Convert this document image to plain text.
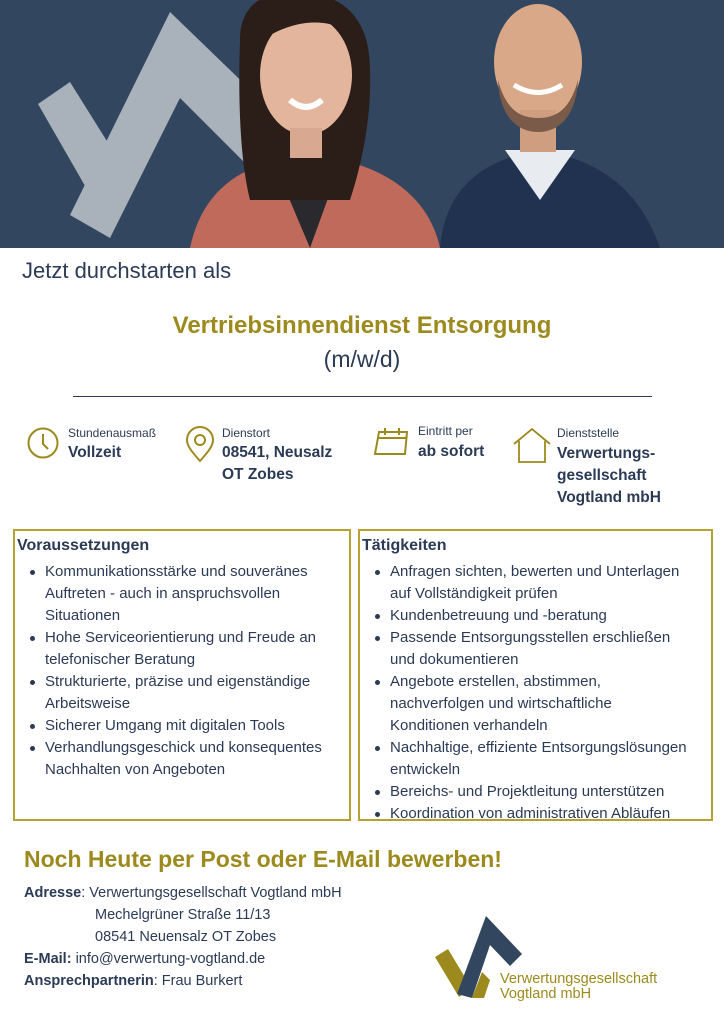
Jetzt durchstarten als
Vertriebsinnendienst Entsorgung
(m/w/d)
Stundenausmaß
Vollzeit
Dienstort
08541, Neusalz
OT Zobes
Eintritt per
ab sofort
Dienststelle
Verwertungs-
gesellschaft
Vogtland mbH
Voraussetzungen
Kommunikationsstärke und souveränes
Auftreten - auch in anspruchsvollen
Situationen
Hohe Serviceorientierung und Freude an
telefonischer Beratung
Strukturierte, präzise und eigenständige
Arbeitsweise
Sicherer Umgang mit digitalen Tools
Verhandlungsgeschick und konsequentes
Nachhalten von Angeboten
Tätigkeiten
Anfragen sichten, bewerten und Unterlagen
auf Vollständigkeit prüfen
Kundenbetreuung und -beratung
Passende Entsorgungsstellen erschließen
und dokumentieren
Angebote erstellen, abstimmen,
nachverfolgen und wirtschaftliche
Konditionen verhandeln
Nachhaltige, effiziente Entsorgungslösungen
entwickeln
Bereichs- und Projektleitung unterstützen
Koordination von administrativen Abläufen
Noch Heute per Post oder E-Mail bewerben!
Adresse: Verwertungsgesellschaft Vogtland mbH
Mechelgrüner Straße 11/13
08541 Neuensalz OT Zobes
E-Mail: info@verwertung-vogtland.de
Ansprechpartnerin: Frau Burkert	Verwertungsgesellschaft
Vogtland mbH
